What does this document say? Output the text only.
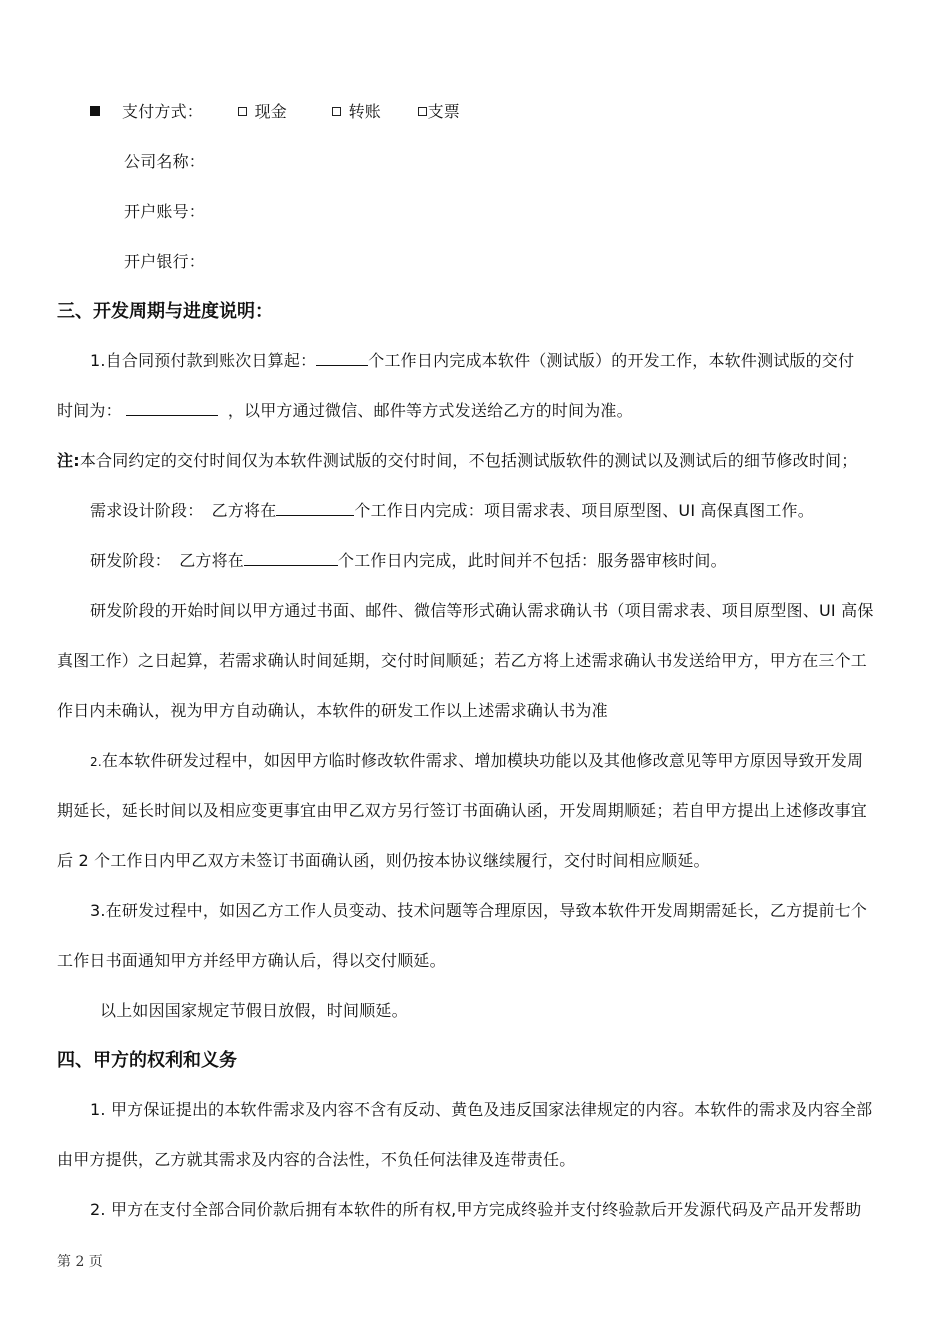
支付方式：	现金	转账	支票
公司名称：
开户账号：
开户银行：
三、开发周期与进度说明：
1.自合同预付款到账次日算起：	个工作日内完成本软件（测试版）的开发工作，本软件测试版的交付
时间为：	，以甲方通过微信、邮件等方式发送给乙方的时间为准。
注:本合同约定的交付时间仅为本软件测试版的交付时间，不包括测试版软件的测试以及测试后的细节修改时间；
需求设计阶段：　乙方将在	个工作日内完成：项目需求表、项目原型图、UI 高保真图工作。
研发阶段：　乙方将在	个工作日内完成，此时间并不包括：服务器审核时间。
研发阶段的开始时间以甲方通过书面、邮件、微信等形式确认需求确认书（项目需求表、项目原型图、UI 高保
真图工作）之日起算，若需求确认时间延期，交付时间顺延；若乙方将上述需求确认书发送给甲方，甲方在三个工
作日内未确认，视为甲方自动确认，本软件的研发工作以上述需求确认书为准
2.在本软件研发过程中，如因甲方临时修改软件需求、增加模块功能以及其他修改意见等甲方原因导致开发周
期延长，延长时间以及相应变更事宜由甲乙双方另行签订书面确认函，开发周期顺延；若自甲方提出上述修改事宜
后 2 个工作日内甲乙双方未签订书面确认函，则仍按本协议继续履行，交付时间相应顺延。
3.在研发过程中，如因乙方工作人员变动、技术问题等合理原因，导致本软件开发周期需延长，乙方提前七个
工作日书面通知甲方并经甲方确认后，得以交付顺延。
以上如因国家规定节假日放假，时间顺延。
四、甲方的权利和义务
1. 甲方保证提出的本软件需求及内容不含有反动、黄色及违反国家法律规定的内容。本软件的需求及内容全部
由甲方提供，乙方就其需求及内容的合法性，不负任何法律及连带责任。
2. 甲方在支付全部合同价款后拥有本软件的所有权,甲方完成终验并支付终验款后开发源代码及产品开发帮助
第 2 页
